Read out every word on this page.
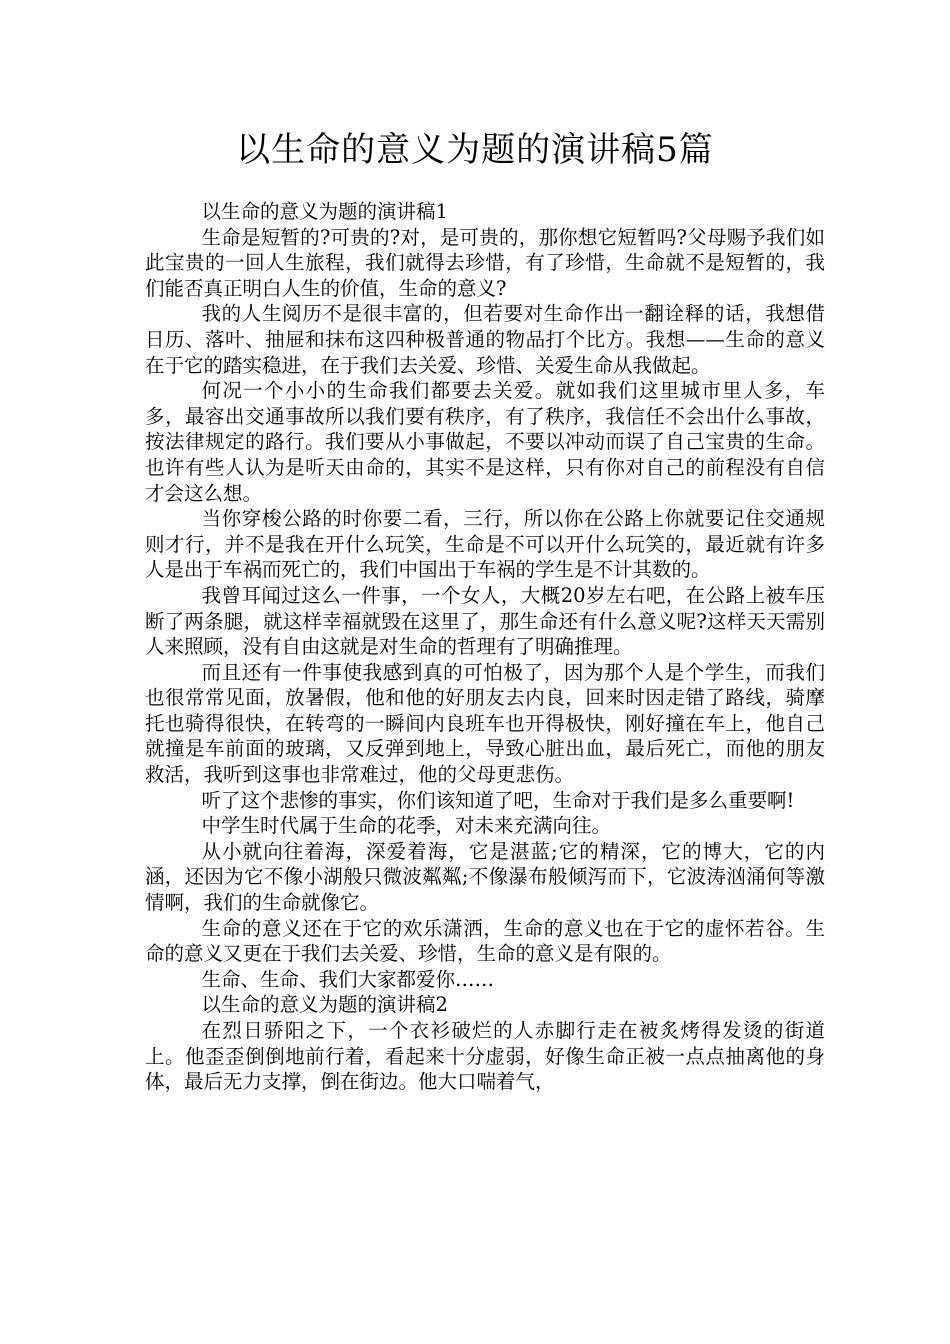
以生命的意义为题的演讲稿5篇

以生命的意义为题的演讲稿1

生命是短暂的?可贵的?对，是可贵的，那你想它短暂吗?父母赐予我们如此宝贵的一回人生旅程，我们就得去珍惜，有了珍惜，生命就不是短暂的，我们能否真正明白人生的价值，生命的意义?

我的人生阅历不是很丰富的，但若要对生命作出一翻诠释的话，我想借日历、落叶、抽屉和抹布这四种极普通的物品打个比方。我想——生命的意义在于它的踏实稳进，在于我们去关爱、珍惜、关爱生命从我做起。

何况一个小小的生命我们都要去关爱。就如我们这里城市里人多，车多，最容出交通事故所以我们要有秩序，有了秩序，我信任不会出什么事故，按法律规定的路行。我们要从小事做起，不要以冲动而误了自己宝贵的生命。也许有些人认为是听天由命的，其实不是这样，只有你对自己的前程没有自信才会这么想。

当你穿梭公路的时你要二看，三行，所以你在公路上你就要记住交通规则才行，并不是我在开什么玩笑，生命是不可以开什么玩笑的，最近就有许多人是出于车祸而死亡的，我们中国出于车祸的学生是不计其数的。

我曾耳闻过这么一件事，一个女人，大概20岁左右吧，在公路上被车压断了两条腿，就这样幸福就毁在这里了，那生命还有什么意义呢?这样天天需别人来照顾，没有自由这就是对生命的哲理有了明确推理。

而且还有一件事使我感到真的可怕极了，因为那个人是个学生，而我们也很常常见面，放暑假，他和他的好朋友去内良，回来时因走错了路线，骑摩托也骑得很快，在转弯的一瞬间内良班车也开得极快，刚好撞在车上，他自己就撞是车前面的玻璃，又反弹到地上，导致心脏出血，最后死亡，而他的朋友救活，我听到这事也非常难过，他的父母更悲伤。

听了这个悲惨的事实，你们该知道了吧，生命对于我们是多么重要啊!

中学生时代属于生命的花季，对未来充满向往。

从小就向往着海，深爱着海，它是湛蓝;它的精深，它的博大，它的内涵，还因为它不像小湖般只微波粼粼;不像瀑布般倾泻而下，它波涛汹涌何等激情啊，我们的生命就像它。

生命的意义还在于它的欢乐潇洒，生命的意义也在于它的虚怀若谷。生命的意义又更在于我们去关爱、珍惜，生命的意义是有限的。

生命、生命、我们大家都爱你……

以生命的意义为题的演讲稿2

在烈日骄阳之下，一个衣衫破烂的人赤脚行走在被炙烤得发烫的街道上。他歪歪倒倒地前行着，看起来十分虚弱，好像生命正被一点点抽离他的身体，最后无力支撑，倒在街边。他大口喘着气，
